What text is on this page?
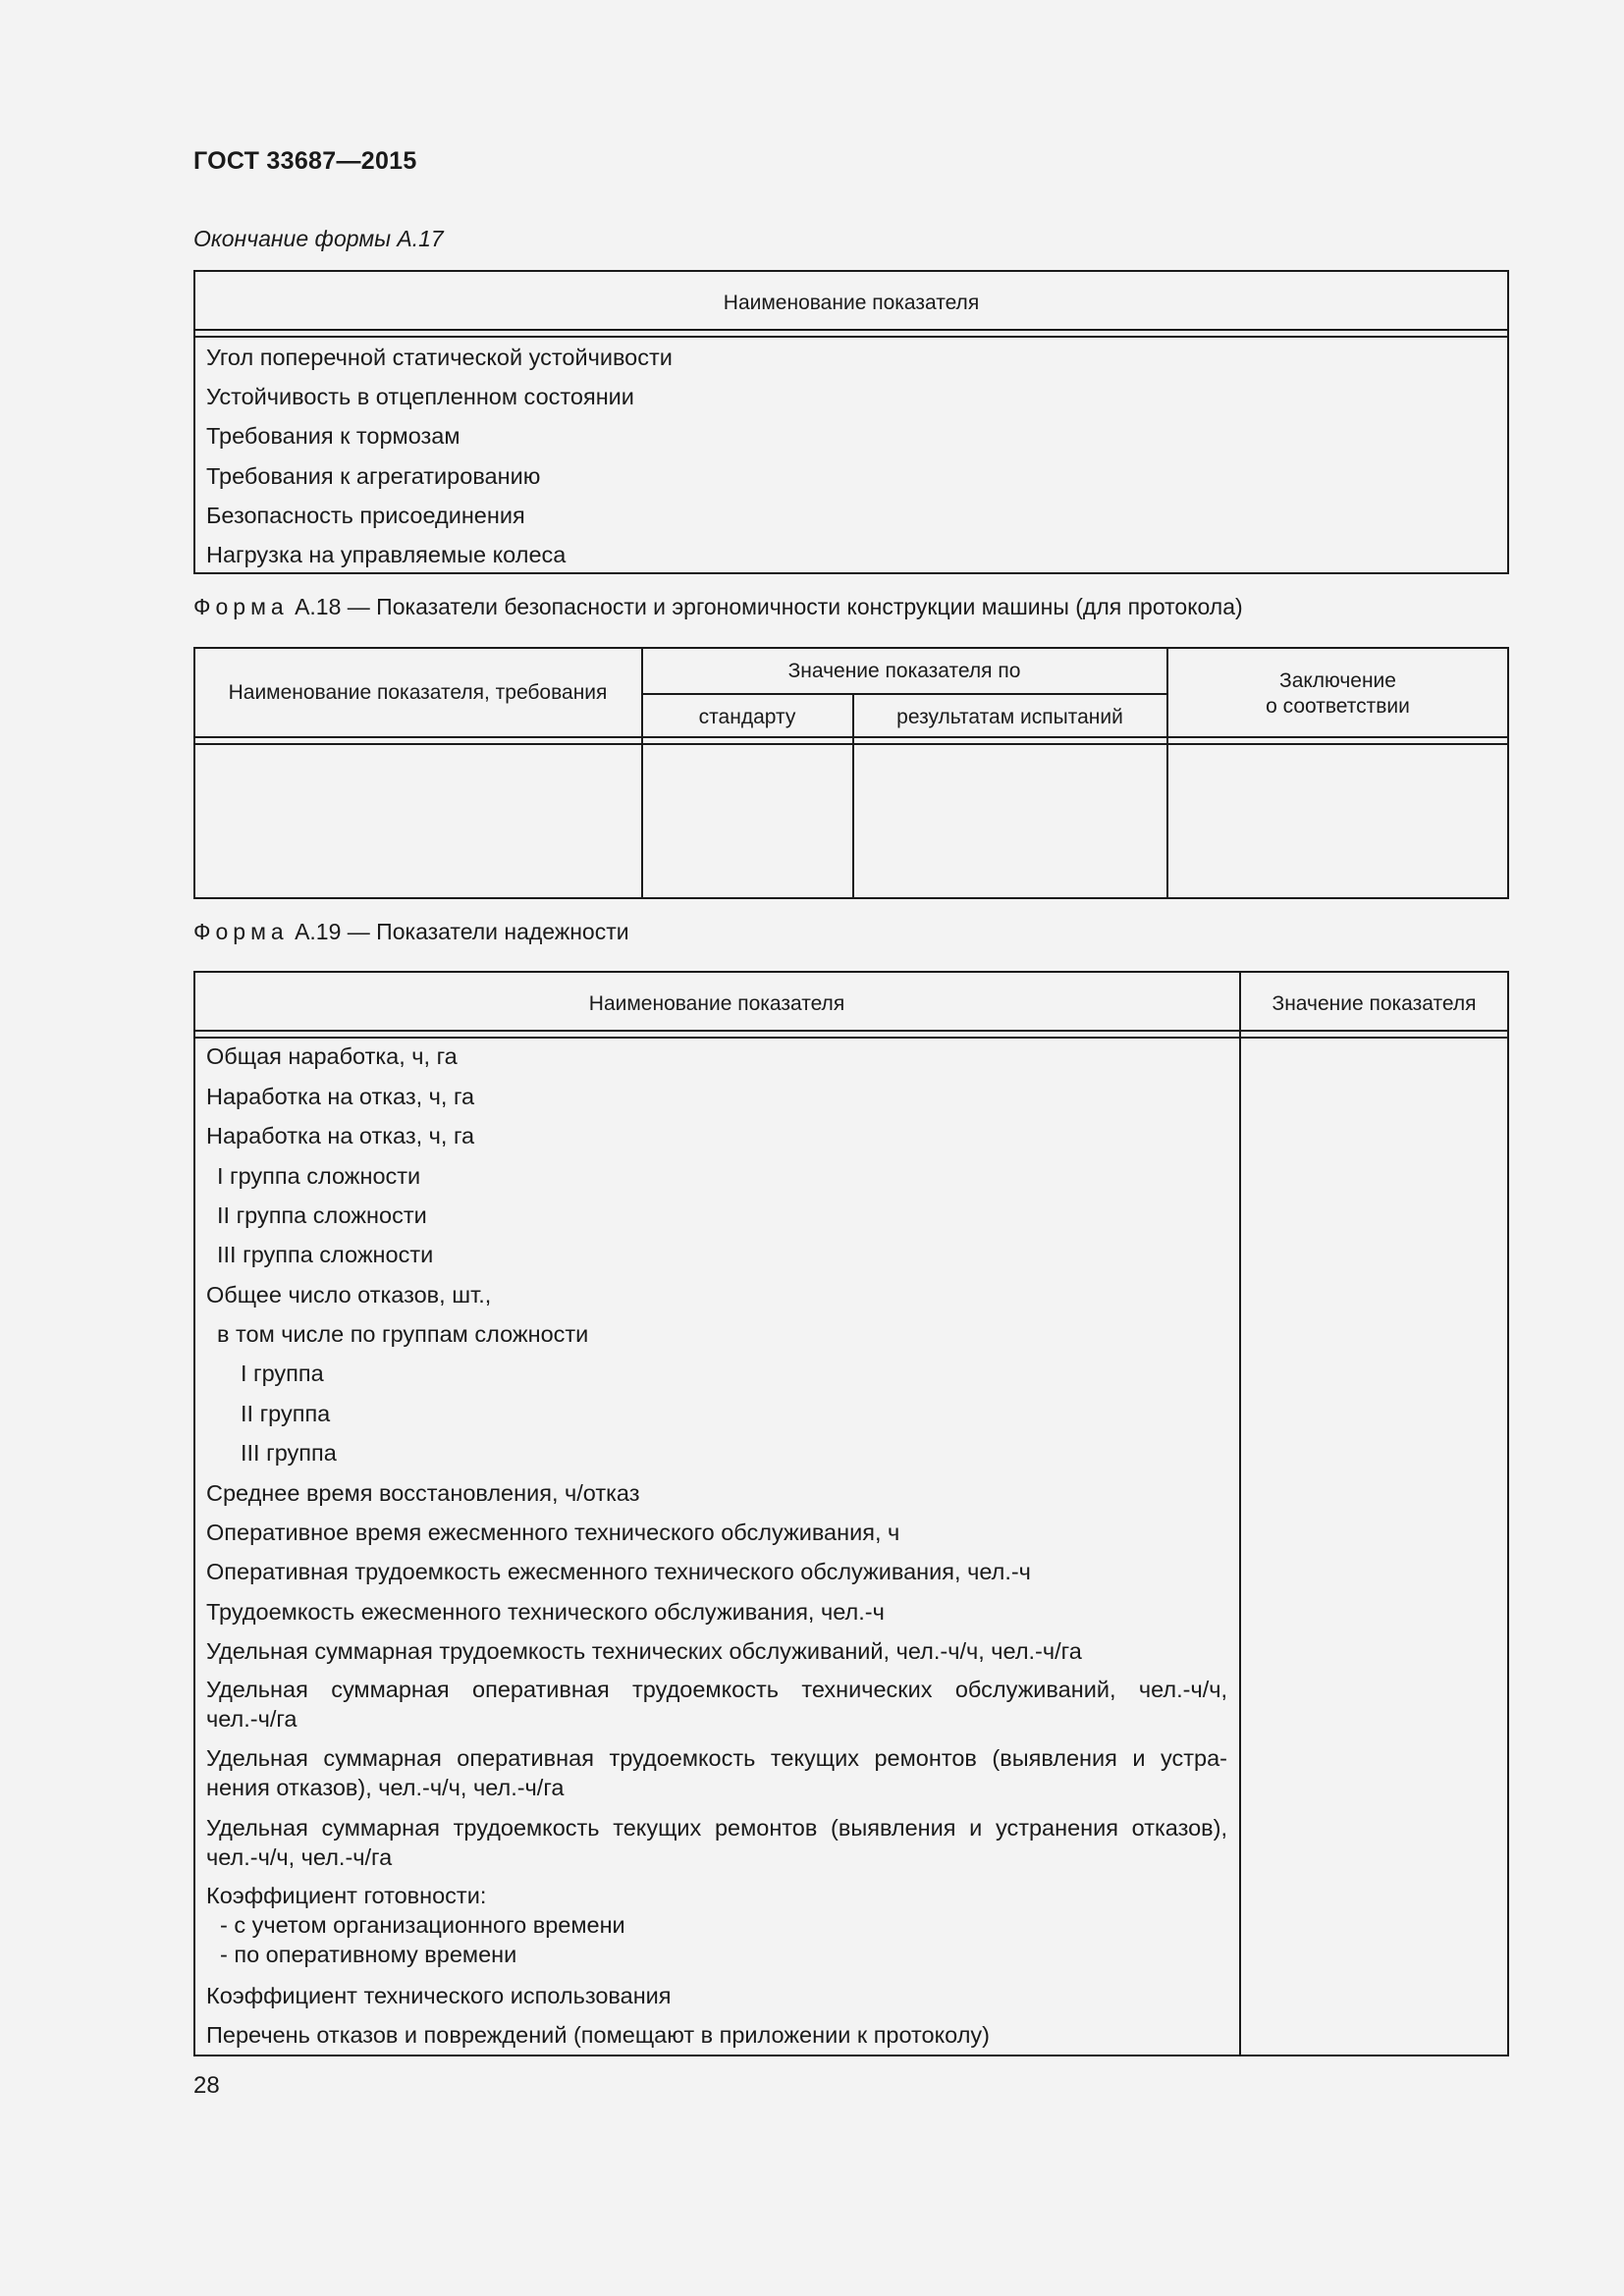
ГОСТ 33687—2015
Окончание формы А.17
Наименование показателя
Угол поперечной статической устойчивости
Устойчивость в отцепленном состоянии
Требования к тормозам
Требования к агрегатированию
Безопасность присоединения
Нагрузка на управляемые колеса
Форма А.18 — Показатели безопасности и эргономичности конструкции машины (для протокола)
Наименование показателя, требования
Значение показателя по
стандарту	результатам испытаний
Заключение
о соответствии
Форма А.19 — Показатели надежности
Наименование показателя	Значение показателя
Общая наработка, ч, га
Наработка на отказ, ч, га
Наработка на отказ, ч, га
I группа сложности
II группа сложности
III группа сложности
Общее число отказов, шт.,
в том числе по группам сложности
I группа
II группа
III группа
Среднее время восстановления, ч/отказ
Оперативное время ежесменного технического обслуживания, ч
Оперативная трудоемкость ежесменного технического обслуживания, чел.-ч
Трудоемкость ежесменного технического обслуживания, чел.-ч
Удельная суммарная трудоемкость технических обслуживаний, чел.-ч/ч, чел.-ч/га
Удельная суммарная оперативная трудоемкость технических обслуживаний, чел.-ч/ч,
чел.-ч/га
Удельная суммарная оперативная трудоемкость текущих ремонтов (выявления и устра-
нения отказов), чел.-ч/ч, чел.-ч/га
Удельная суммарная трудоемкость текущих ремонтов (выявления и устранения отказов),
чел.-ч/ч, чел.-ч/га
Коэффициент готовности:
- с учетом организационного времени
- по оперативному времени
Коэффициент технического использования
Перечень отказов и повреждений (помещают в приложении к протоколу)
28
